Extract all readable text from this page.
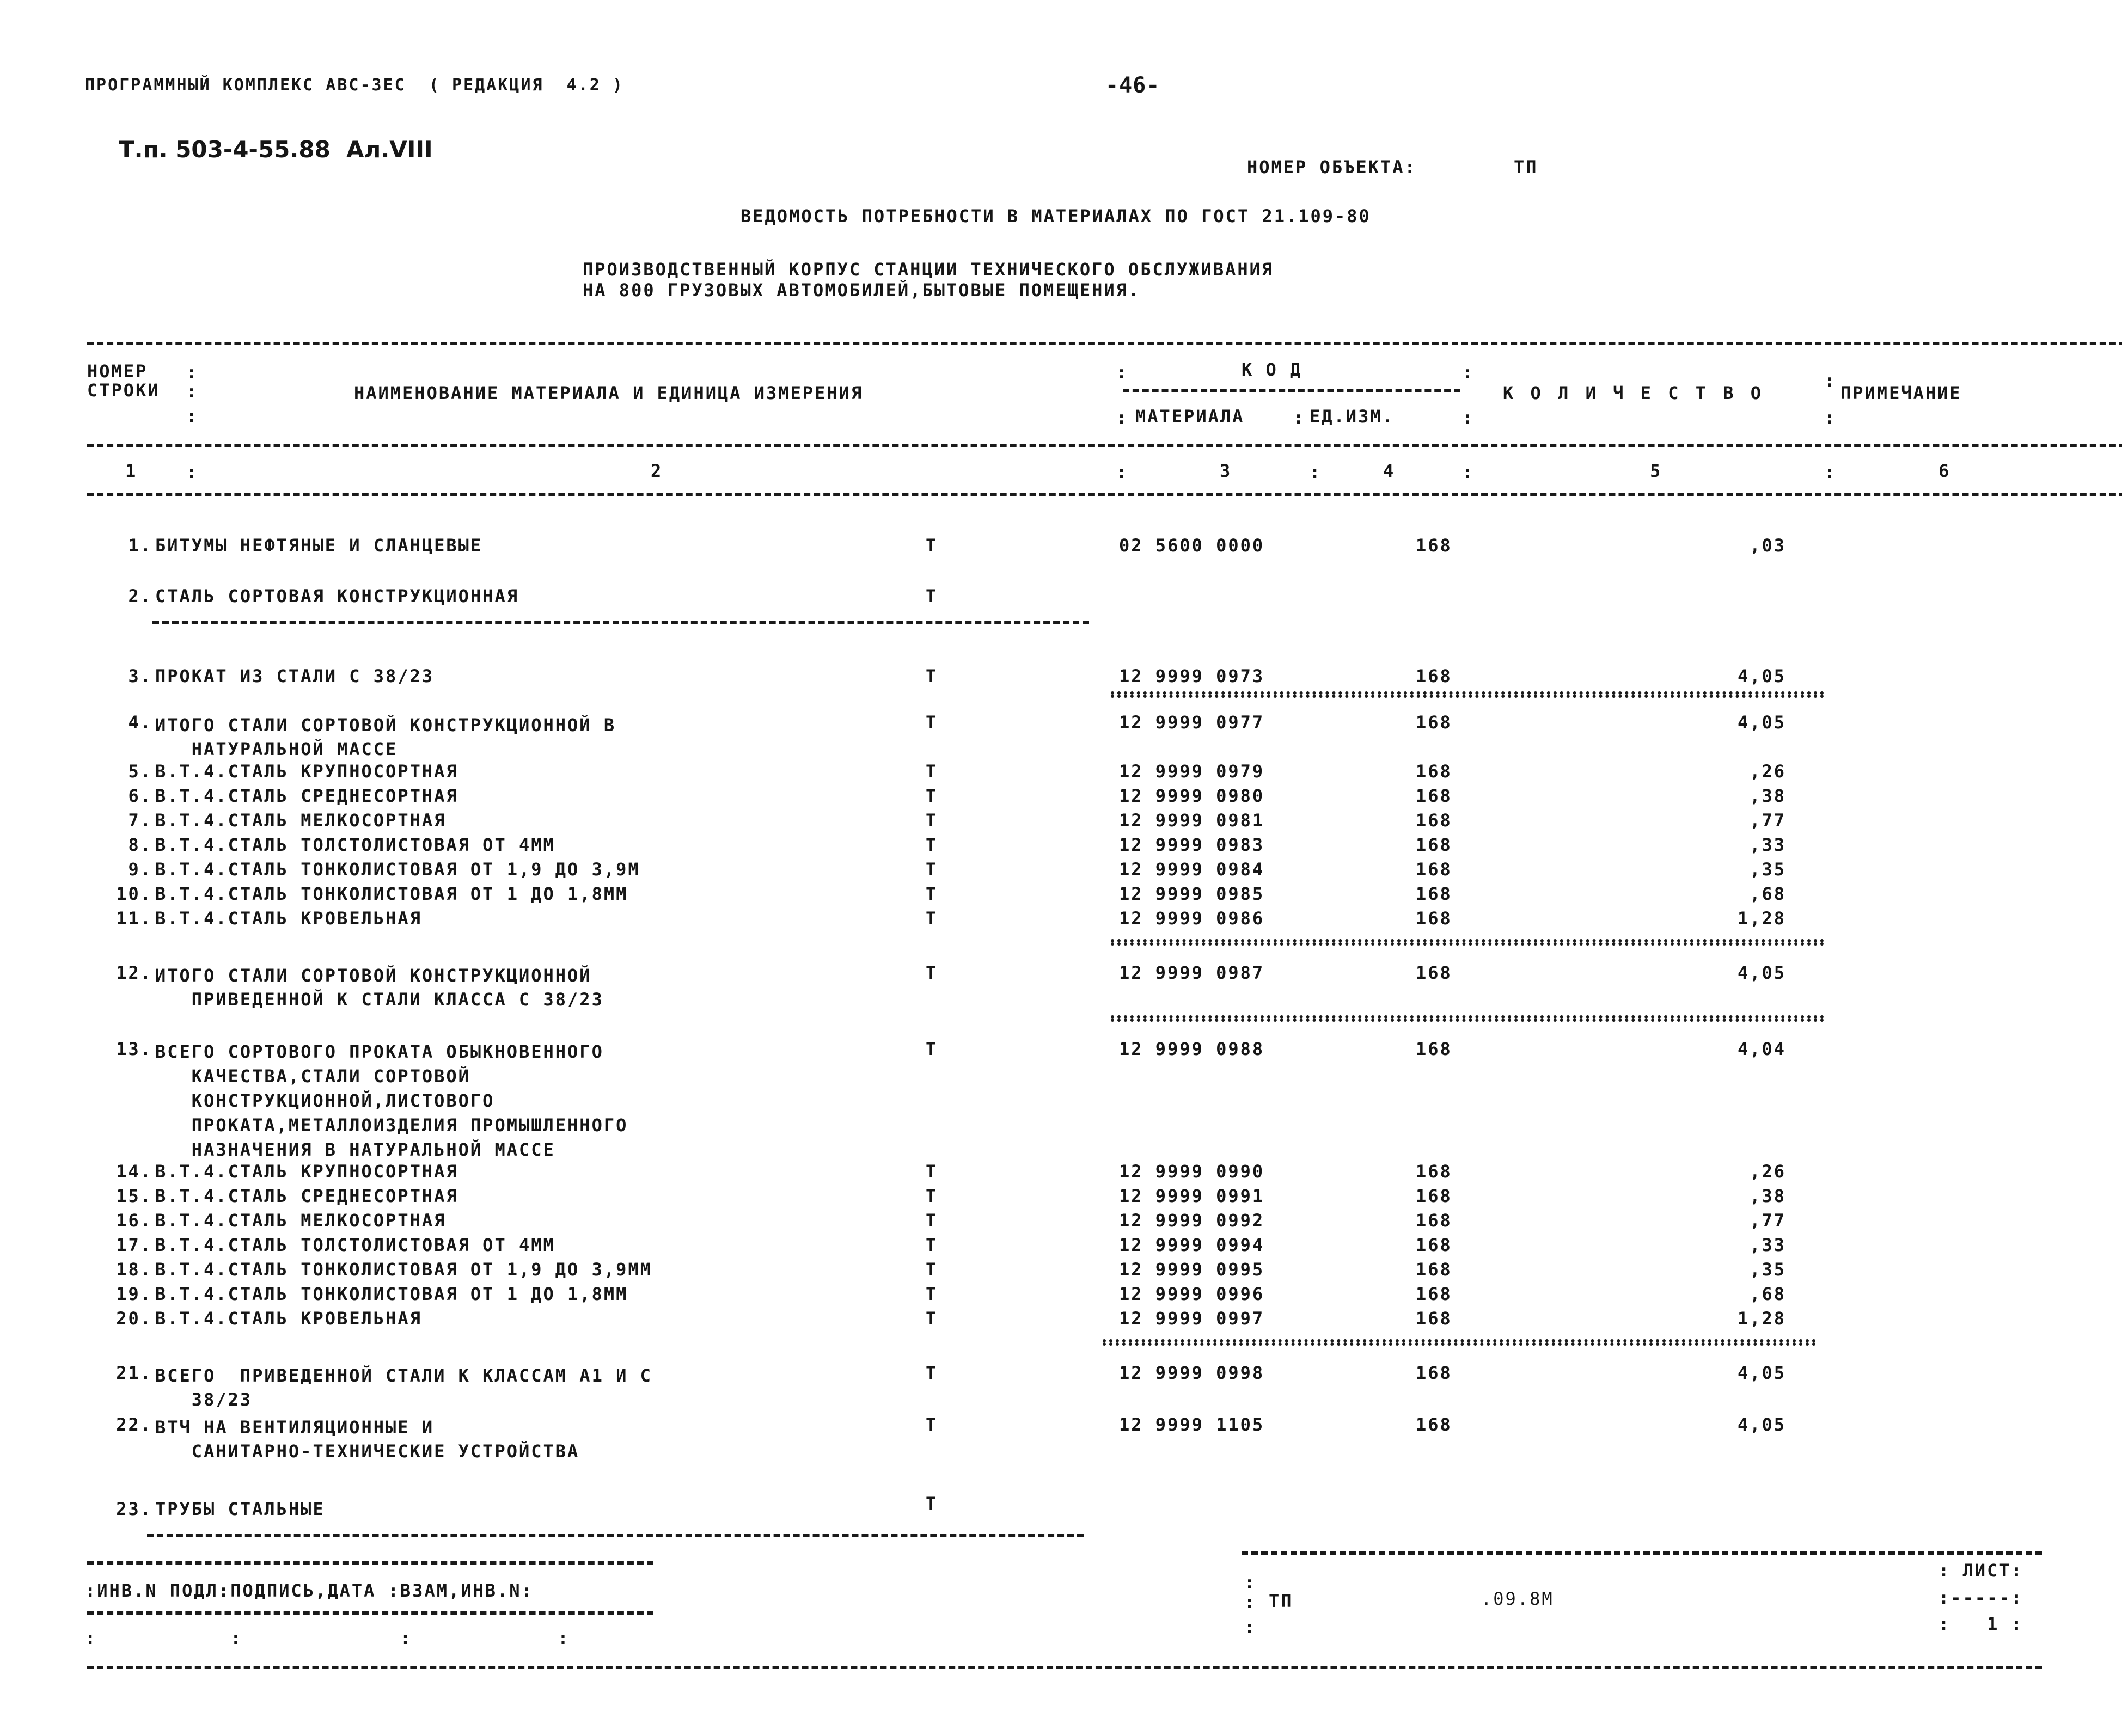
ПРОГРАММНЫЙ КОМПЛЕКС АВС-3ЕС  ( РЕДАКЦИЯ  4.2 )	-46-
Т.п. 503-4-55.88  Ал.VIII
НОМЕР ОБЪЕКТА:	ТП
ВЕДОМОСТЬ ПОТРЕБНОСТИ В МАТЕРИАЛАХ ПО ГОСТ 21.109-80
ПРОИЗВОДСТВЕННЫЙ КОРПУС СТАНЦИИ ТЕХНИЧЕСКОГО ОБСЛУЖИВАНИЯ
НА 800 ГРУЗОВЫХ АВТОМОБИЛЕЙ,БЫТОВЫЕ ПОМЕЩЕНИЯ.
НОМЕР
СТРОКИ
:
:
:
НАИМЕНОВАНИЕ МАТЕРИАЛА И ЕДИНИЦА ИЗМЕРЕНИЯ
:	К О Д	:
: МАТЕРИАЛА	: ЕД.ИЗМ.	:
К О Л И Ч Е С Т В О
:
:
ПРИМЕЧАНИЕ
1	:	2	:	3	:	4	:	5	:	6
1. БИТУМЫ НЕФТЯНЫЕ И СЛАНЦЕВЫЕ	Т	02 5600 0000	168	,03
2. СТАЛЬ СОРТОВАЯ КОНСТРУКЦИОННАЯ	Т
3. ПРОКАТ ИЗ СТАЛИ С 38/23	Т	12 9999 0973	168	4,05
4. ИТОГО СТАЛИ СОРТОВОЙ КОНСТРУКЦИОННОЙ В
НАТУРАЛЬНОЙ МАССЕ
Т	12 9999 0977	168	4,05
5. В.Т.4.СТАЛЬ КРУПНОСОРТНАЯ	Т	12 9999 0979	168	,26
6. В.Т.4.СТАЛЬ СРЕДНЕСОРТНАЯ	Т	12 9999 0980	168	,38
7. В.Т.4.СТАЛЬ МЕЛКОСОРТНАЯ	Т	12 9999 0981	168	,77
8. В.Т.4.СТАЛЬ ТОЛСТОЛИСТОВАЯ ОТ 4ММ	Т	12 9999 0983	168	,33
9. В.Т.4.СТАЛЬ ТОНКОЛИСТОВАЯ ОТ 1,9 ДО 3,9М	Т	12 9999 0984	168	,35
10. В.Т.4.СТАЛЬ ТОНКОЛИСТОВАЯ ОТ 1 ДО 1,8ММ	Т	12 9999 0985	168	,68
11. В.Т.4.СТАЛЬ КРОВЕЛЬНАЯ	Т	12 9999 0986	168	1,28
12. ИТОГО СТАЛИ СОРТОВОЙ КОНСТРУКЦИОННОЙ
ПРИВЕДЕННОЙ К СТАЛИ КЛАССА С 38/23
Т	12 9999 0987	168	4,05
13. ВСЕГО СОРТОВОГО ПРОКАТА ОБЫКНОВЕННОГО
КАЧЕСТВА,СТАЛИ СОРТОВОЙ
КОНСТРУКЦИОННОЙ,ЛИСТОВОГО
ПРОКАТА,МЕТАЛЛОИЗДЕЛИЯ ПРОМЫШЛЕННОГО
НАЗНАЧЕНИЯ В НАТУРАЛЬНОЙ МАССЕ
Т	12 9999 0988	168	4,04
14. В.Т.4.СТАЛЬ КРУПНОСОРТНАЯ	Т	12 9999 0990	168	,26
15. В.Т.4.СТАЛЬ СРЕДНЕСОРТНАЯ	Т	12 9999 0991	168	,38
16. В.Т.4.СТАЛЬ МЕЛКОСОРТНАЯ	Т	12 9999 0992	168	,77
17. В.Т.4.СТАЛЬ ТОЛСТОЛИСТОВАЯ ОТ 4ММ	Т	12 9999 0994	168	,33
18. В.Т.4.СТАЛЬ ТОНКОЛИСТОВАЯ ОТ 1,9 ДО 3,9ММ	Т	12 9999 0995	168	,35
19. В.Т.4.СТАЛЬ ТОНКОЛИСТОВАЯ ОТ 1 ДО 1,8ММ	Т	12 9999 0996	168	,68
20. В.Т.4.СТАЛЬ КРОВЕЛЬНАЯ	Т	12 9999 0997	168	1,28
21. ВСЕГО  ПРИВЕДЕННОЙ СТАЛИ К КЛАССАМ А1 И С
38/23
Т	12 9999 0998	168	4,05
22. ВТЧ НА ВЕНТИЛЯЦИОННЫЕ И
САНИТАРНО-ТЕХНИЧЕСКИЕ УСТРОЙСТВА
Т	12 9999 1105	168	4,05
23. ТРУБЫ СТАЛЬНЫЕ	Т
:ИНВ.N ПОДЛ:ПОДПИСЬ,ДАТА :ВЗАМ,ИНВ.N:
:           :             :            :
:
: ТП	.09.8М
:
: ЛИСТ:
:-----:
:   1 :
